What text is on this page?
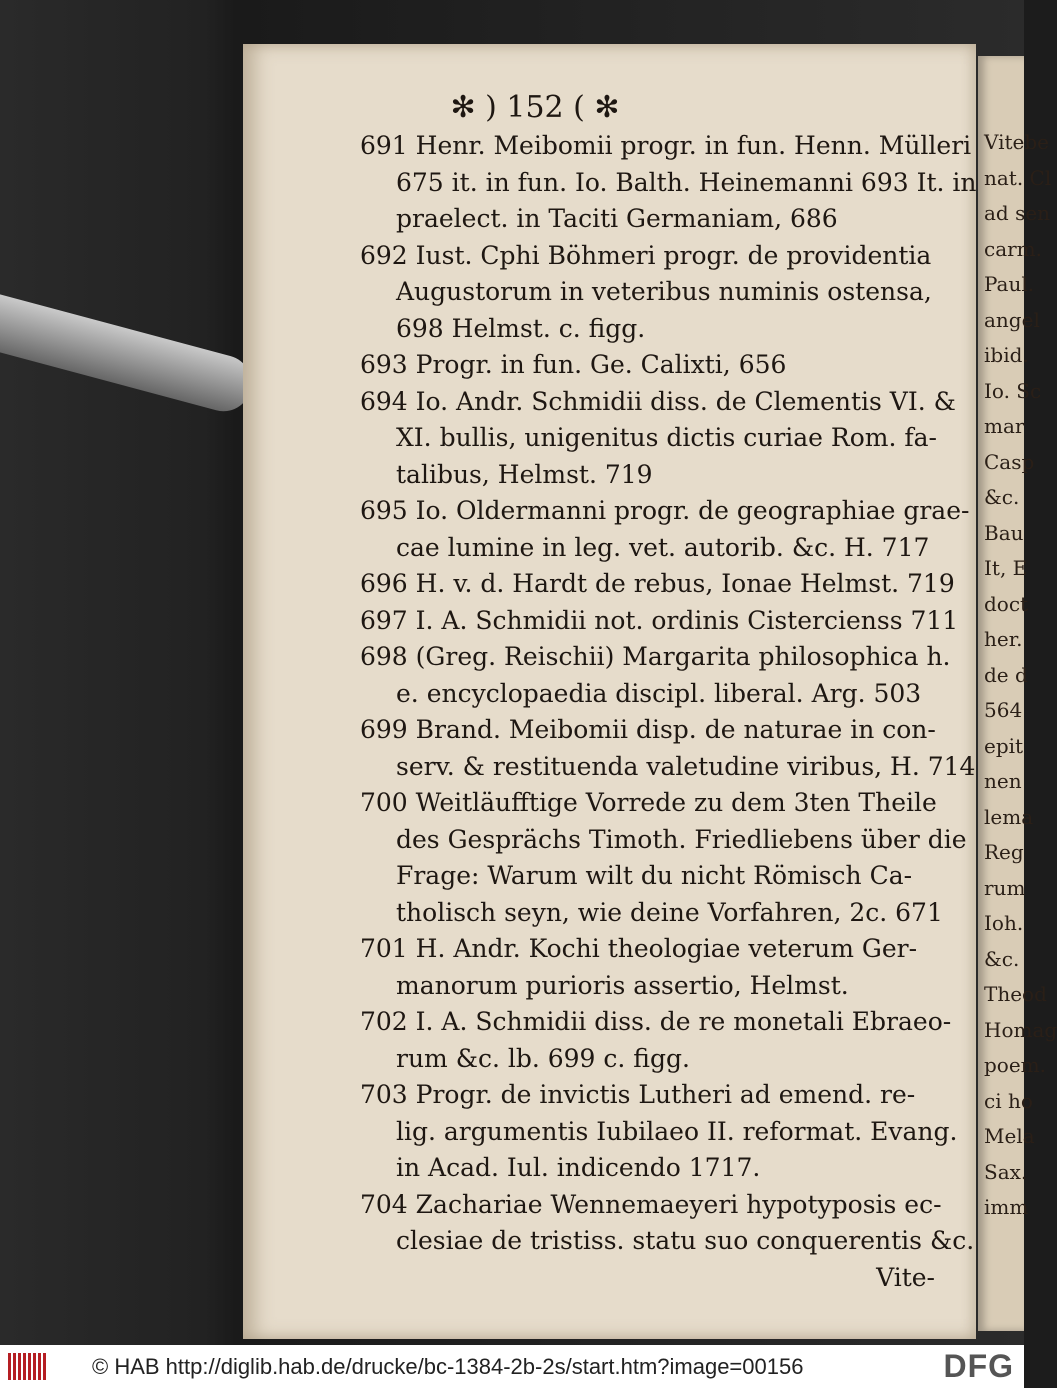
Vitebe
nat. Cl
ad sen
carm.
Paul.
angel
ibid.
Io. Sc
mar
Casp
&c.
Bau
It, E
doct
her.
de d
564
epit
nen
lema
Reg
rum
Ioh.
&c.
Theod
Homag
poem.
ci ho
Mela
Sax.
imm
✻ ) 152 ( ✻
691 Henr. Meibomii progr. in fun. Henn. Mülleri
675 it. in fun. Io. Balth. Heinemanni 693 It. in
praelect. in Taciti Germaniam, 686
692 Iust. Cphi Böhmeri progr. de providentia
Augustorum in veteribus numinis ostensa,
698 Helmst. c. figg.
693 Progr. in fun. Ge. Calixti, 656
694 Io. Andr. Schmidii diss. de Clementis VI. &
XI. bullis, unigenitus dictis curiae Rom. fa-
talibus, Helmst. 719
695 Io. Oldermanni progr. de geographiae grae-
cae lumine in leg. vet. autorib. &c. H. 717
696 H. v. d. Hardt de rebus, Ionae Helmst. 719
697 I. A. Schmidii not. ordinis Cistercienss 711
698 (Greg. Reischii) Margarita philosophica h.
e. encyclopaedia discipl. liberal. Arg. 503
699 Brand. Meibomii disp. de naturae in con-
serv. & restituenda valetudine viribus, H. 714
700 Weitläufftige Vorrede zu dem 3ten Theile
des Gesprächs Timoth. Friedliebens über die
Frage: Warum wilt du nicht Römisch Ca-
tholisch seyn, wie deine Vorfahren, 2c. 671
701 H. Andr. Kochi theologiae veterum Ger-
manorum purioris assertio, Helmst.
702 I. A. Schmidii diss. de re monetali Ebraeo-
rum &c. lb. 699 c. figg.
703 Progr. de invictis Lutheri ad emend. re-
lig. argumentis Iubilaeo II. reformat. Evang.
in Acad. Iul. indicendo 1717.
704 Zachariae Wennemaeyeri hypotyposis ec-
clesiae de tristiss. statu suo conquerentis &c.
Vite-
© HAB http://diglib.hab.de/drucke/bc-1384-2b-2s/start.htm?image=00156	DFG
